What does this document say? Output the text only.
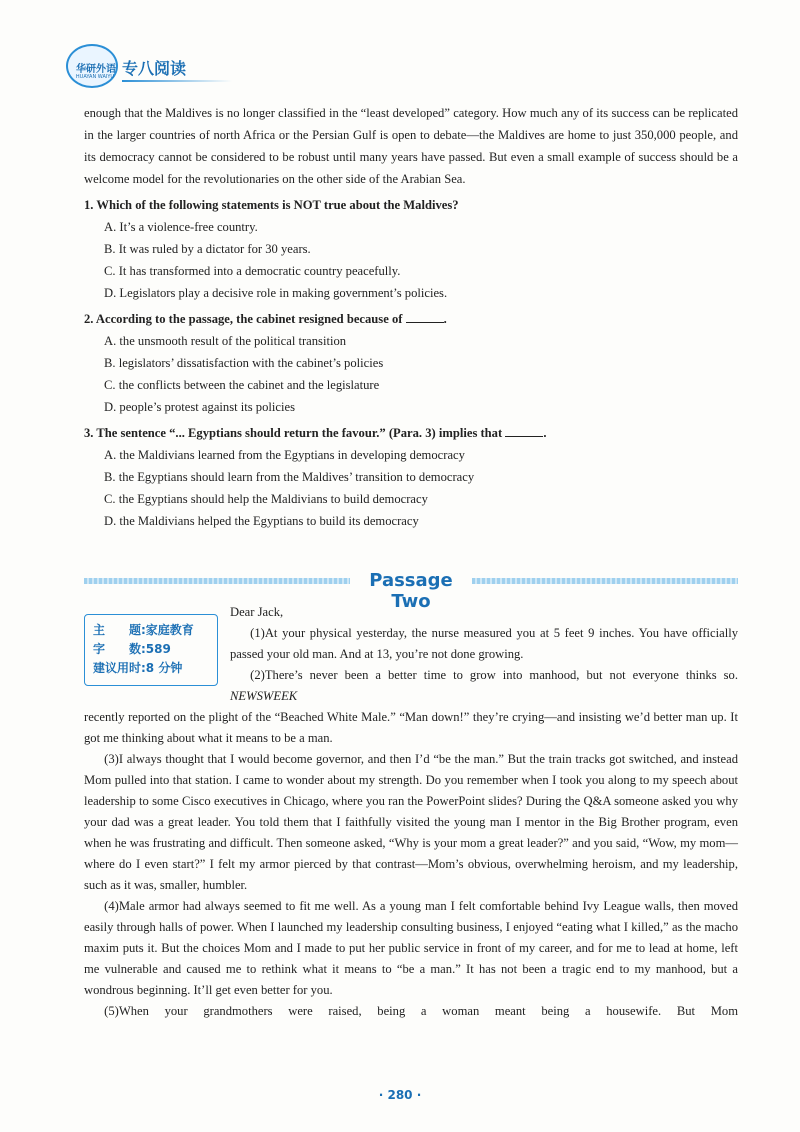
华研外语
HUAYAN WAIYU 专八阅读

enough that the Maldives is no longer classified in the “least developed” category. How much any of its success can be replicated in the larger countries of north Africa or the Persian Gulf is open to debate—the Maldives are home to just 350,000 people, and its democracy cannot be considered to be robust until many years have passed. But even a small example of success should be a welcome model for the revolutionaries on the other side of the Arabian Sea.

1. Which of the following statements is NOT true about the Maldives?

A. It’s a violence-free country.

B. It was ruled by a dictator for 30 years.

C. It has transformed into a democratic country peacefully.

D. Legislators play a decisive role in making government’s policies.

2. According to the passage, the cabinet resigned because of	.

A. the unsmooth result of the political transition

B. legislators’ dissatisfaction with the cabinet’s policies

C. the conflicts between the cabinet and the legislature

D. people’s protest against its policies

3. The sentence “... Egyptians should return the favour.” (Para. 3) implies that	.

A. the Maldivians learned from the Egyptians in developing democracy

B. the Egyptians should learn from the Maldives’ transition to democracy

C. the Egyptians should help the Maldivians to build democracy

D. the Maldivians helped the Egyptians to build its democracy

Passage Two
主　　题:家庭教育
字　　数:589
建议用时:8 分钟

Dear Jack,

(1)At your physical yesterday, the nurse measured you at 5 feet 9 inches. You have officially passed your old man. And at 13, you’re not done growing.

(2)There’s never been a better time to grow into manhood, but not everyone thinks so. NEWSWEEK

recently reported on the plight of the “Beached White Male.” “Man down!” they’re crying—and insisting we’d better man up. It got me thinking about what it means to be a man.

(3)I always thought that I would become governor, and then I’d “be the man.” But the train tracks got switched, and instead Mom pulled into that station. I came to wonder about my strength. Do you remember when I took you along to my speech about leadership to some Cisco executives in Chicago, where you ran the PowerPoint slides? During the Q&A someone asked you why your dad was a great leader. You told them that I faithfully visited the young man I mentor in the Big Brother program, even when he was frustrating and difficult. Then someone asked, “Why is your mom a great leader?” and you said, “Wow, my mom—where do I even start?” I felt my armor pierced by that contrast—Mom’s obvious, overwhelming heroism, and my leadership, such as it was, smaller, humbler.

(4)Male armor had always seemed to fit me well. As a young man I felt comfortable behind Ivy League walls, then moved easily through halls of power. When I launched my leadership consulting business, I enjoyed “eating what I killed,” as the macho maxim puts it. But the choices Mom and I made to put her public service in front of my career, and for me to lead at home, left me vulnerable and caused me to rethink what it means to “be a man.” It has not been a tragic end to my manhood, but a wondrous beginning. It’ll get even better for you.

(5)When your grandmothers were raised, being a woman meant being a housewife. But Mom

· 280 ·
